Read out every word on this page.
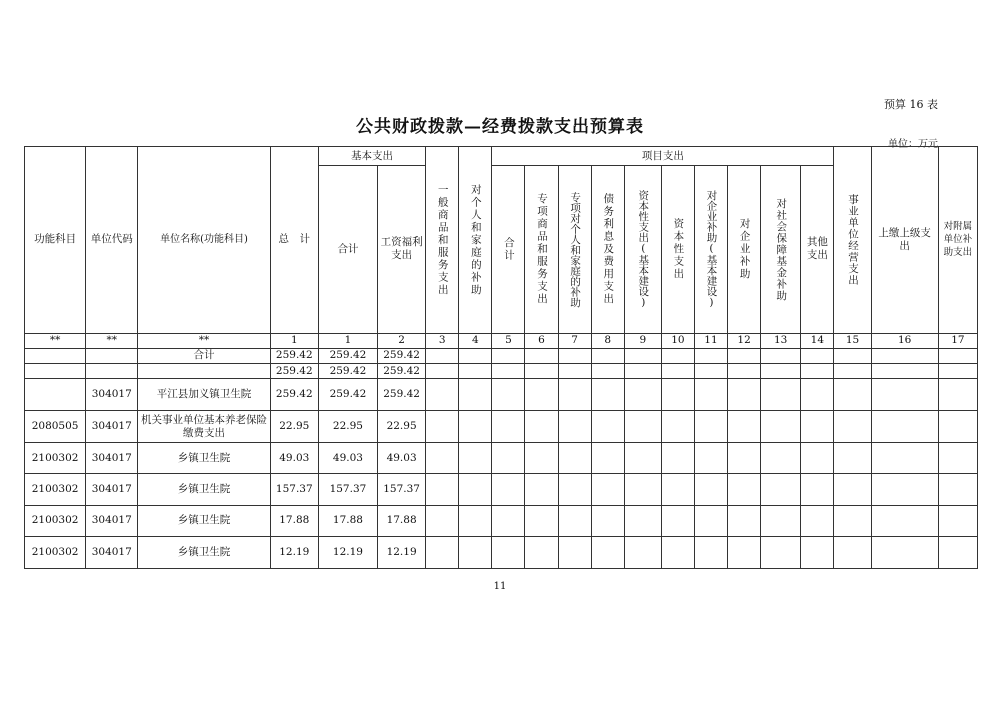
预算 16 表
公共财政拨款—经费拨款支出预算表
单位：万元
功能科目	单位代码	单位名称(功能科目)	总　计	基本支出		一般商品和服务支出	对个人和家庭的补助	项目支出										事业单位经营支出	上缴上级支出	对附属单位补助支出
				合计	工资福利支出			合计	专项商品和服务支出	专项对个人和家庭的补助	债务利息及费用支出	资本性支出(基本建设)	资本性支出	对企业补助(基本建设)	对企业补助	对社会保障基金补助	其他支出			
**	**	**	1	1	2	3	4	5	6	7	8	9	10	11	12	13	14	15	16	17
		合计	259.42	259.42	259.42															
			259.42	259.42	259.42															
	304017	平江县加义镇卫生院	259.42	259.42	259.42															
2080505	304017	机关事业单位基本养老保险缴费支出	22.95	22.95	22.95															
2100302	304017	乡镇卫生院	49.03	49.03	49.03															
2100302	304017	乡镇卫生院	157.37	157.37	157.37															
2100302	304017	乡镇卫生院	17.88	17.88	17.88															
2100302	304017	乡镇卫生院	12.19	12.19	12.19															
11
